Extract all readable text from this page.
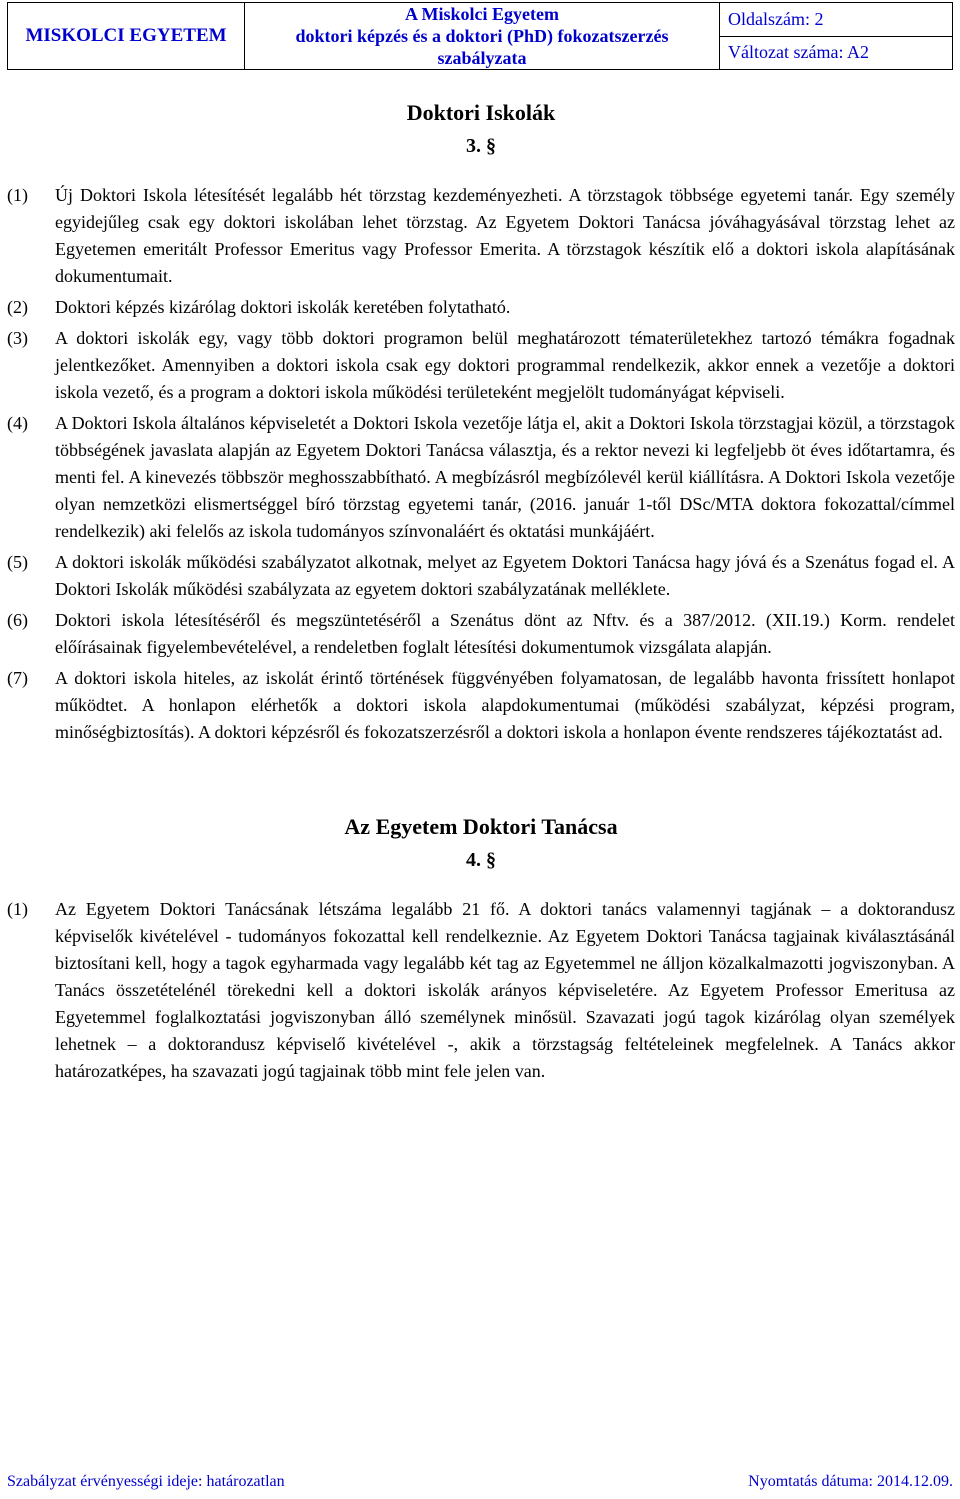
MISKOLCI EGYETEM
A Miskolci Egyetem
doktori képzés és a doktori (PhD) fokozatszerzés
szabályzata
Oldalszám: 2
Változat száma: A2
Doktori Iskolák
3. §
(1)	Új Doktori Iskola létesítését legalább hét törzstag kezdeményezheti. A törzstagok többsége egyetemi tanár. Egy személy egyidejűleg csak egy doktori iskolában lehet törzstag. Az Egyetem Doktori Tanácsa jóváhagyásával törzstag lehet az Egyetemen emeritált Professor Emeritus vagy Professor Emerita. A törzstagok készítik elő a doktori iskola alapításának dokumentumait.
(2)	Doktori képzés kizárólag doktori iskolák keretében folytatható.
(3)	A doktori iskolák egy, vagy több doktori programon belül meghatározott tématerületekhez tartozó témákra fogadnak jelentkezőket. Amennyiben a doktori iskola csak egy doktori programmal rendelkezik, akkor ennek a vezetője a doktori iskola vezető, és a program a doktori iskola működési területeként megjelölt tudományágat képviseli.
(4)	A Doktori Iskola általános képviseletét a Doktori Iskola vezetője látja el, akit a Doktori Iskola törzstagjai közül, a törzstagok többségének javaslata alapján az Egyetem Doktori Tanácsa választja, és a rektor nevezi ki legfeljebb öt éves időtartamra, és menti fel. A kinevezés többször meghosszabbítható. A megbízásról megbízólevél kerül kiállításra. A Doktori Iskola vezetője olyan nemzetközi elismertséggel bíró törzstag egyetemi tanár, (2016. január 1-től DSc/MTA doktora fokozattal/címmel rendelkezik) aki felelős az iskola tudományos színvonaláért és oktatási munkájáért.
(5)	A doktori iskolák működési szabályzatot alkotnak, melyet az Egyetem Doktori Tanácsa hagy jóvá és a Szenátus fogad el. A Doktori Iskolák működési szabályzata az egyetem doktori szabályzatának melléklete.
(6)	Doktori iskola létesítéséről és megszüntetéséről a Szenátus dönt az Nftv. és a 387/2012. (XII.19.) Korm. rendelet előírásainak figyelembevételével, a rendeletben foglalt létesítési dokumentumok vizsgálata alapján.
(7)	A doktori iskola hiteles, az iskolát érintő történések függvényében folyamatosan, de legalább havonta frissített honlapot működtet. A honlapon elérhetők a doktori iskola alapdokumentumai (működési szabályzat, képzési program, minőségbiztosítás). A doktori képzésről és fokozatszerzésről a doktori iskola a honlapon évente rendszeres tájékoztatást ad.
Az Egyetem Doktori Tanácsa
4. §
(1)	Az Egyetem Doktori Tanácsának létszáma legalább 21 fő. A doktori tanács valamennyi tagjának – a doktorandusz képviselők kivételével - tudományos fokozattal kell rendelkeznie. Az Egyetem Doktori Tanácsa tagjainak kiválasztásánál biztosítani kell, hogy a tagok egyharmada vagy legalább két tag az Egyetemmel ne álljon közalkalmazotti jogviszonyban. A Tanács összetételénél törekedni kell a doktori iskolák arányos képviseletére. Az Egyetem Professor Emeritusa az Egyetemmel foglalkoztatási jogviszonyban álló személynek minősül. Szavazati jogú tagok kizárólag olyan személyek lehetnek – a doktorandusz képviselő kivételével -, akik a törzstagság feltételeinek megfelelnek. A Tanács akkor határozatképes, ha szavazati jogú tagjainak több mint fele jelen van.
Szabályzat érvényességi ideje: határozatlan	Nyomtatás dátuma: 2014.12.09.
